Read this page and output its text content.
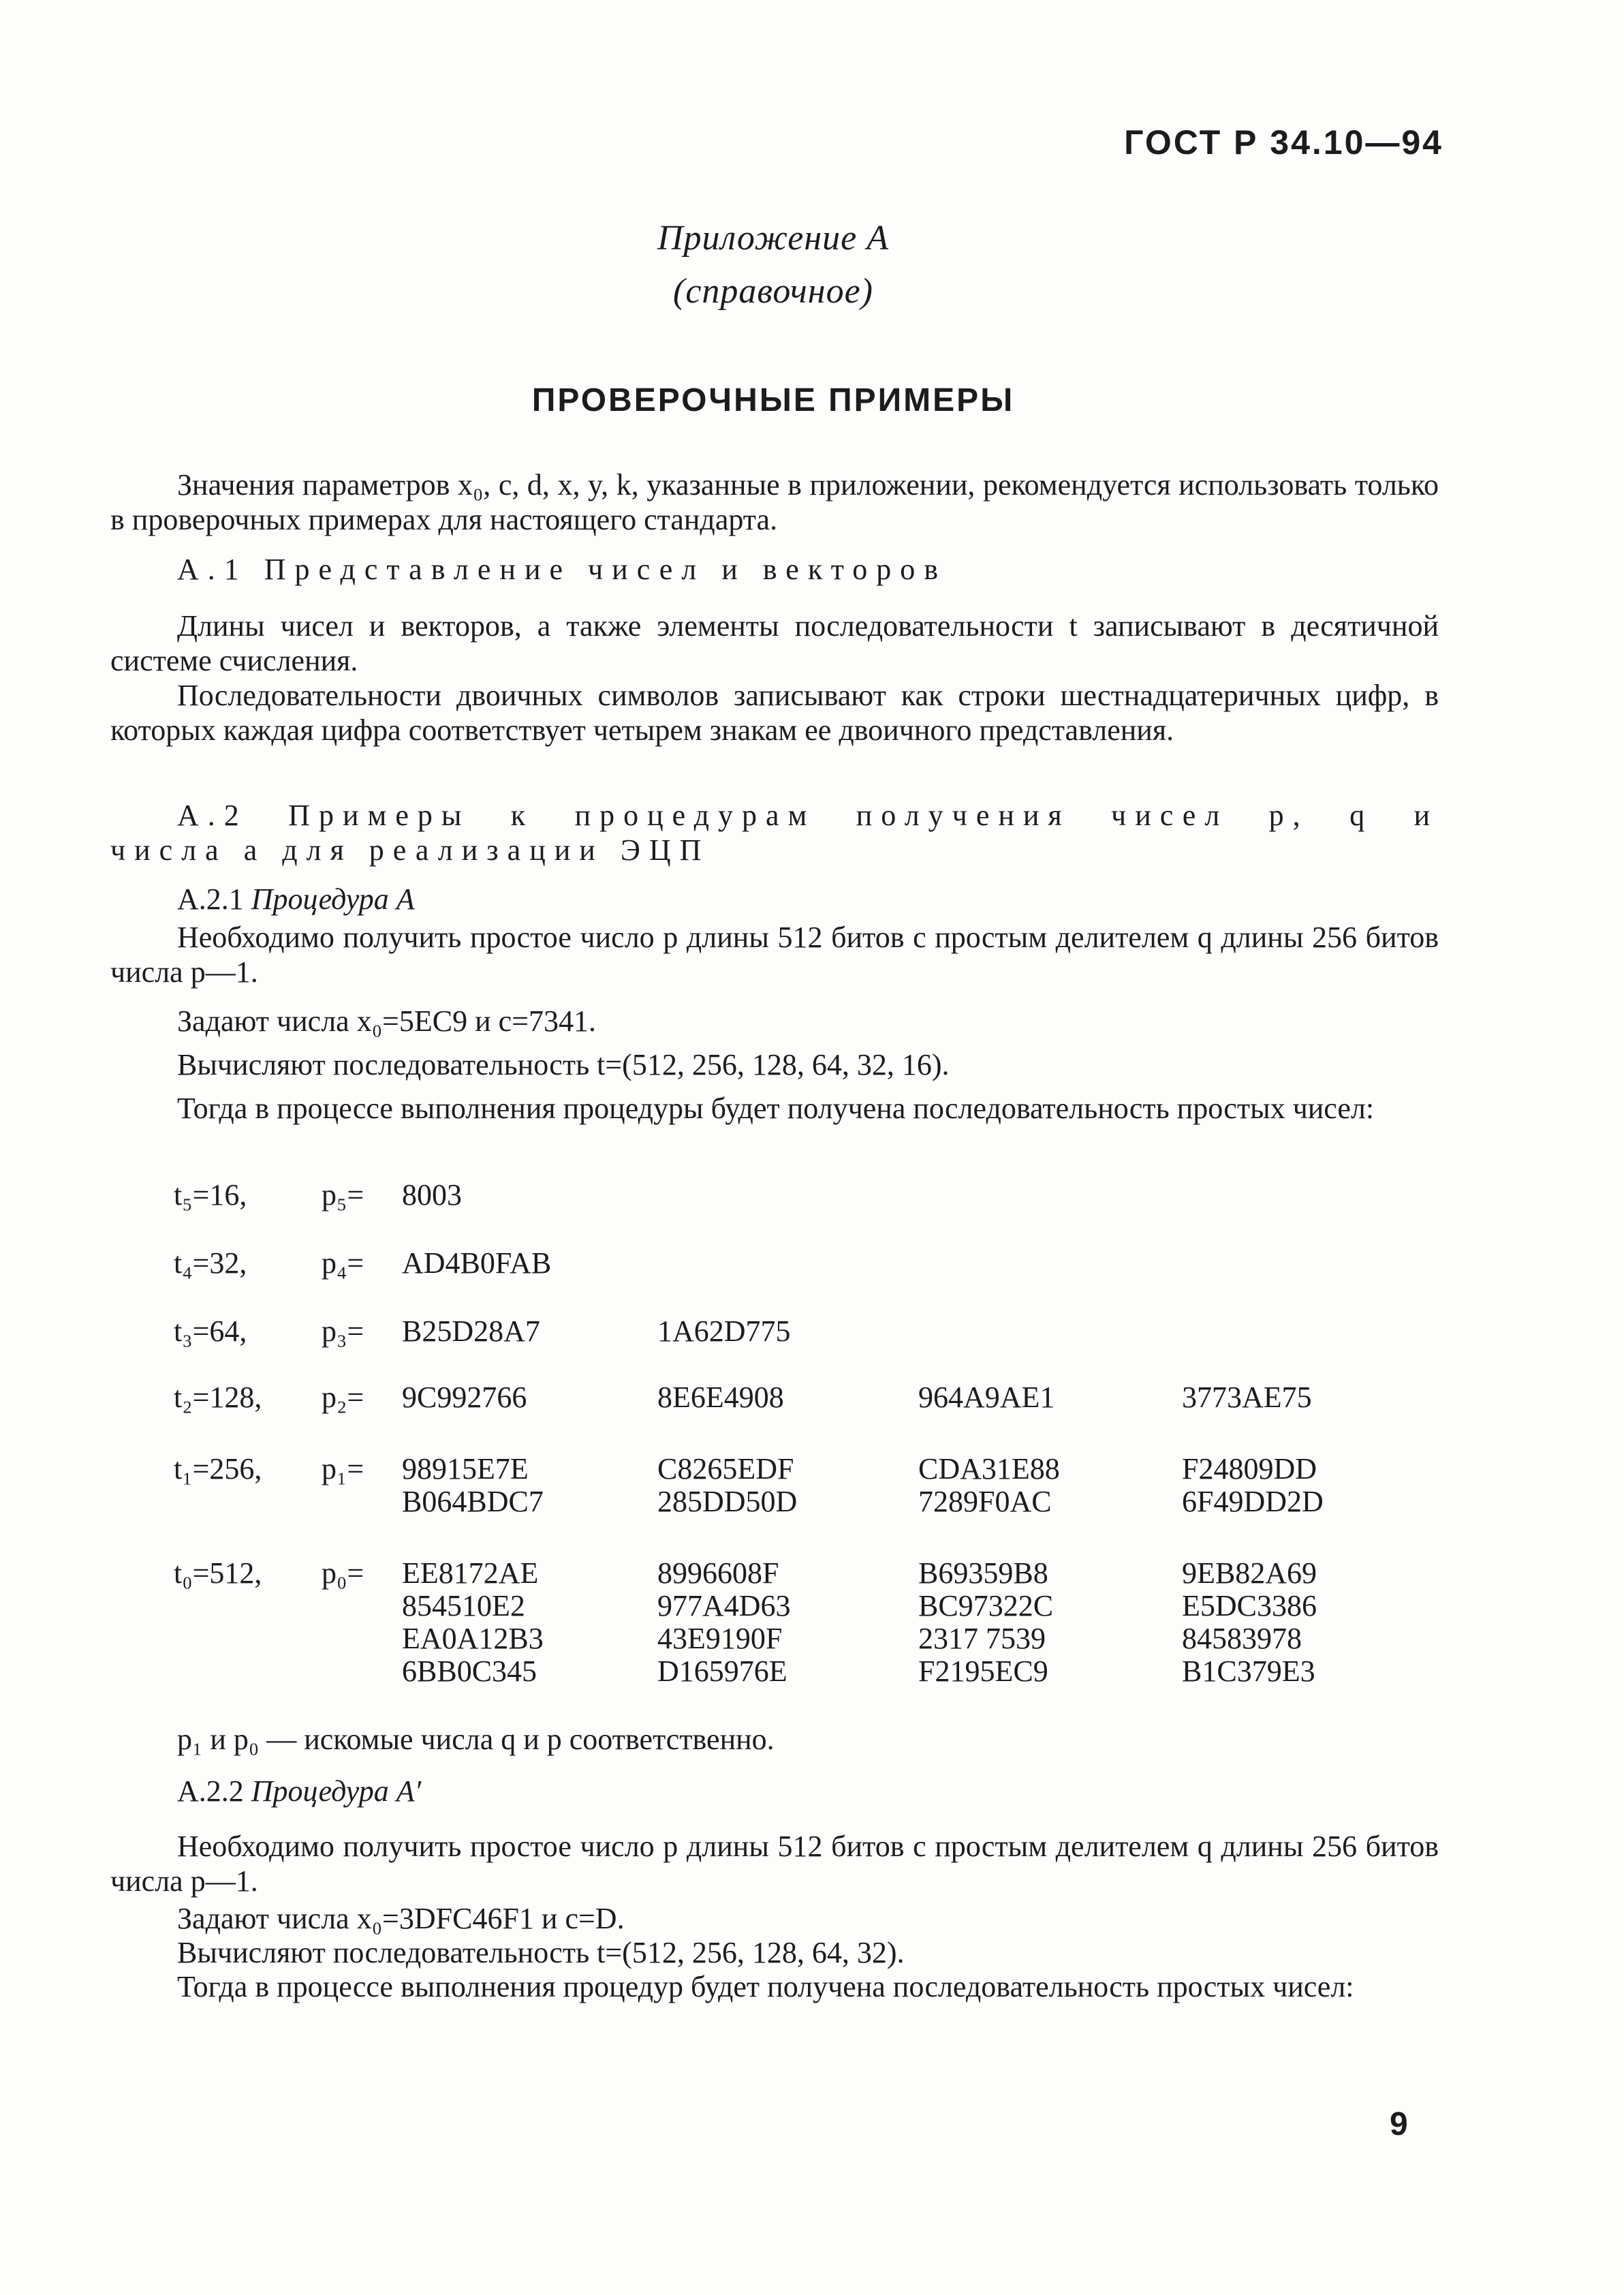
ГОСТ Р 34.10—94
Приложение А
(справочное)
ПРОВЕРОЧНЫЕ ПРИМЕРЫ
Значения параметров x₀, c, d, x, y, k, указанные в приложении, рекомендуется использовать только в проверочных примерах для настоящего стандарта.
А.1 Представление чисел и векторов
Длины чисел и векторов, а также элементы последовательности t записывают в десятичной системе счисления.
Последовательности двоичных символов записывают как строки шестнадцатеричных цифр, в которых каждая цифра соответствует четырем знакам ее двоичного представления.
А.2 Примеры к процедурам получения чисел p, q и
числа a для реализации ЭЦП
А.2.1 Процедура А
Необходимо получить простое число p длины 512 битов с простым делителем q длины 256 битов числа p—1.
Задают числа x₀=5EC9 и c=7341.
Вычисляют последовательность t=(512, 256, 128, 64, 32, 16).
Тогда в процессе выполнения процедуры будет получена последовательность простых чисел:
t₅=16, p₅= 8003
t₄=32, p₄= AD4B0FAB
t₃=64, p₃= B25D28A7	1A62D775
t₂=128, p₂= 9C992766	8E6E4908	964A9AE1	3773AE75
t₁=256, p₁= 98915E7E	C8265EDF	CDA31E88	F24809DD
B064BDC7	285DD50D	7289F0AC	6F49DD2D
t₀=512, p₀= EE8172AE	8996608F	B69359B8	9EB82A69
854510E2	977A4D63	BC97322C	E5DC3386
EA0A12B3	43E9190F	2317 7539	84583978
6BB0C345	D165976E	F2195EC9	B1C379E3
p₁ и p₀ — искомые числа q и p соответственно.
А.2.2 Процедура А′
Необходимо получить простое число p длины 512 битов с простым делителем q длины 256 битов числа p—1.
Задают числа x₀=3DFC46F1 и c=D.
Вычисляют последовательность t=(512, 256, 128, 64, 32).
Тогда в процессе выполнения процедур будет получена последовательность простых чисел:
9
